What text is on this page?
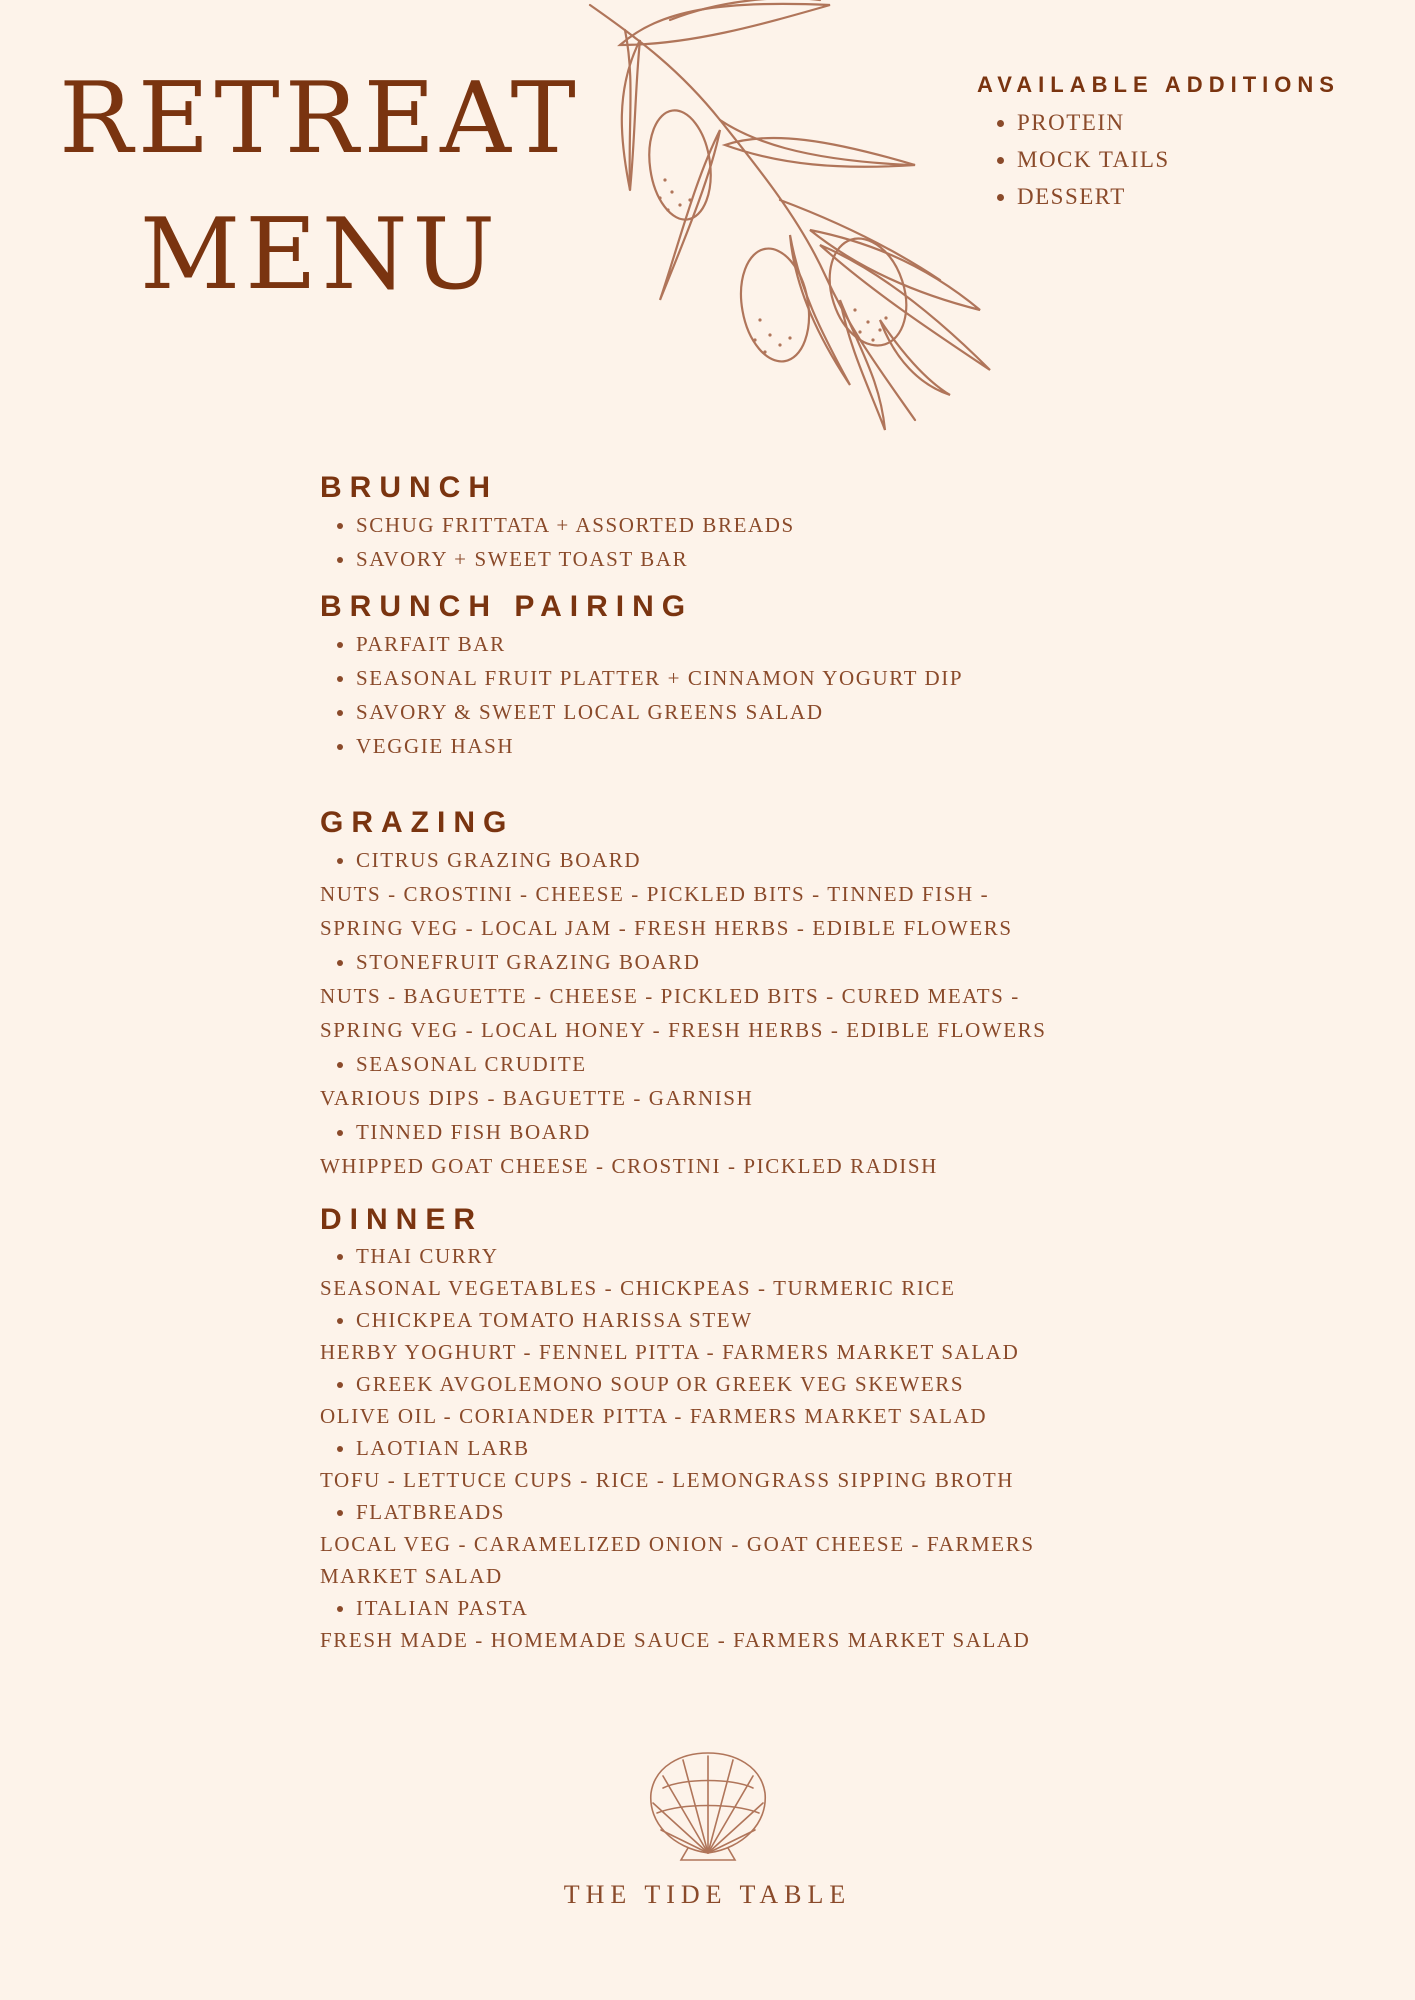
RETREAT
MENU
AVAILABLE ADDITIONS
• PROTEIN
• MOCK TAILS
• DESSERT
BRUNCH
• SCHUG FRITTATA + ASSORTED BREADS
• SAVORY + SWEET TOAST BAR
BRUNCH PAIRING
• PARFAIT BAR
• SEASONAL FRUIT PLATTER + CINNAMON YOGURT DIP
• SAVORY & SWEET LOCAL GREENS SALAD
• VEGGIE HASH
GRAZING
• CITRUS GRAZING BOARD
NUTS - CROSTINI - CHEESE - PICKLED BITS - TINNED FISH -
SPRING VEG - LOCAL JAM - FRESH HERBS - EDIBLE FLOWERS
• STONEFRUIT GRAZING BOARD
NUTS - BAGUETTE - CHEESE - PICKLED BITS - CURED MEATS -
SPRING VEG - LOCAL HONEY - FRESH HERBS - EDIBLE FLOWERS
• SEASONAL CRUDITE
VARIOUS DIPS - BAGUETTE - GARNISH
• TINNED FISH BOARD
WHIPPED GOAT CHEESE - CROSTINI - PICKLED RADISH
DINNER
• THAI CURRY
SEASONAL VEGETABLES - CHICKPEAS - TURMERIC RICE
• CHICKPEA TOMATO HARISSA STEW
HERBY YOGHURT - FENNEL PITTA - FARMERS MARKET SALAD
• GREEK AVGOLEMONO SOUP OR GREEK VEG SKEWERS
OLIVE OIL - CORIANDER PITTA - FARMERS MARKET SALAD
• LAOTIAN LARB
TOFU - LETTUCE CUPS - RICE - LEMONGRASS SIPPING BROTH
• FLATBREADS
LOCAL VEG - CARAMELIZED ONION - GOAT CHEESE - FARMERS
MARKET SALAD
• ITALIAN PASTA
FRESH MADE - HOMEMADE SAUCE - FARMERS MARKET SALAD
THE TIDE TABLE
